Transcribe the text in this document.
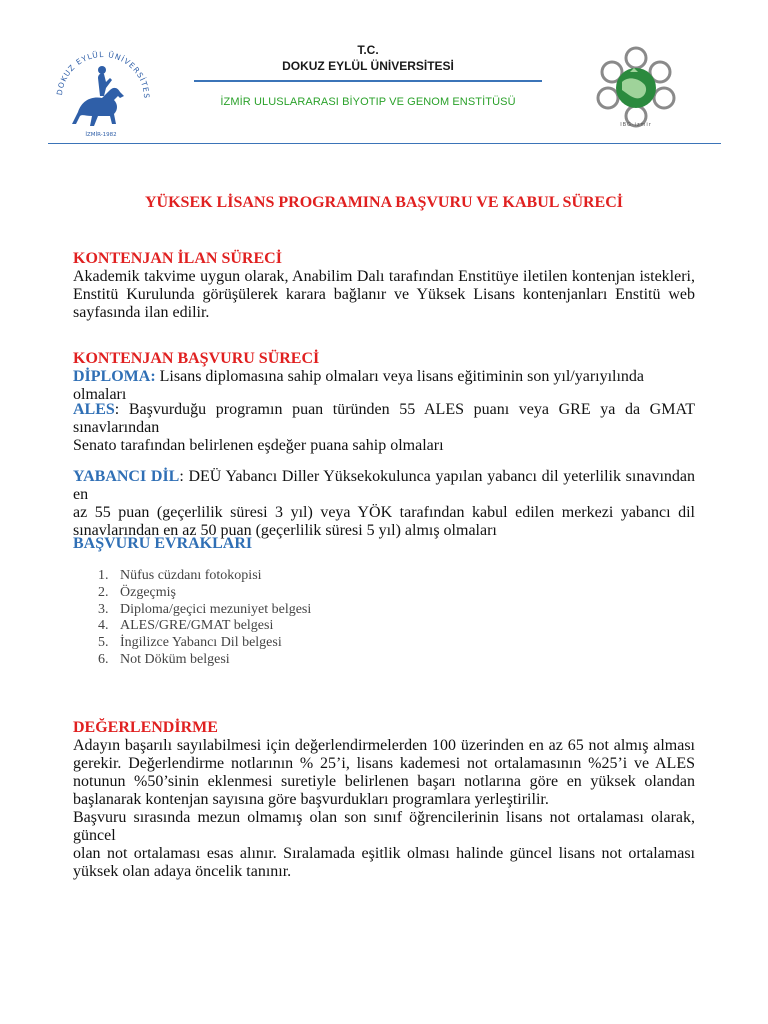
DOKUZ EYLÜL ÜNİVERSİTES
İZMİR-1982
T.C.
DOKUZ EYLÜL ÜNİVERSİTESİ
İZMİR ULUSLARARASI BİYOTIP VE GENOM ENSTİTÜSÜ
IBG·izmir
YÜKSEK LİSANS PROGRAMINA BAŞVURU VE KABUL SÜRECİ
KONTENJAN İLAN SÜRECİ
Akademik takvime uygun olarak, Anabilim Dalı tarafından Enstitüye iletilen kontenjan istekleri,
Enstitü Kurulunda görüşülerek karara bağlanır ve Yüksek Lisans kontenjanları Enstitü web
sayfasında ilan edilir.
KONTENJAN BAŞVURU SÜRECİ
DİPLOMA: Lisans diplomasına sahip olmaları veya lisans eğitiminin son yıl/yarıyılında olmaları
ALES: Başvurduğu programın puan türünden 55 ALES puanı veya GRE ya da GMAT
sınavlarından
Senato tarafından belirlenen eşdeğer puana sahip olmaları
YABANCI DİL: DEÜ Yabancı Diller Yüksekokulunca yapılan yabancı dil yeterlilik sınavından en
az 55 puan (geçerlilik süresi 3 yıl) veya YÖK tarafından kabul edilen merkezi yabancı dil
sınavlarından en az 50 puan (geçerlilik süresi 5 yıl) almış olmaları
BAŞVURU EVRAKLARI
1. Nüfus cüzdanı fotokopisi
2. Özgeçmiş
3. Diploma/geçici mezuniyet belgesi
4. ALES/GRE/GMAT belgesi
5. İngilizce Yabancı Dil belgesi
6. Not Döküm belgesi
DEĞERLENDİRME
Adayın başarılı sayılabilmesi için değerlendirmelerden 100 üzerinden en az 65 not almış alması
gerekir. Değerlendirme notlarının % 25’i, lisans kademesi not ortalamasının %25’i ve ALES
notunun %50’sinin eklenmesi suretiyle belirlenen başarı notlarına göre en yüksek olandan
başlanarak kontenjan sayısına göre başvurdukları programlara yerleştirilir.
Başvuru sırasında mezun olmamış olan son sınıf öğrencilerinin lisans not ortalaması olarak, güncel
olan not ortalaması esas alınır. Sıralamada eşitlik olması halinde güncel lisans not ortalaması
yüksek olan adaya öncelik tanınır.
